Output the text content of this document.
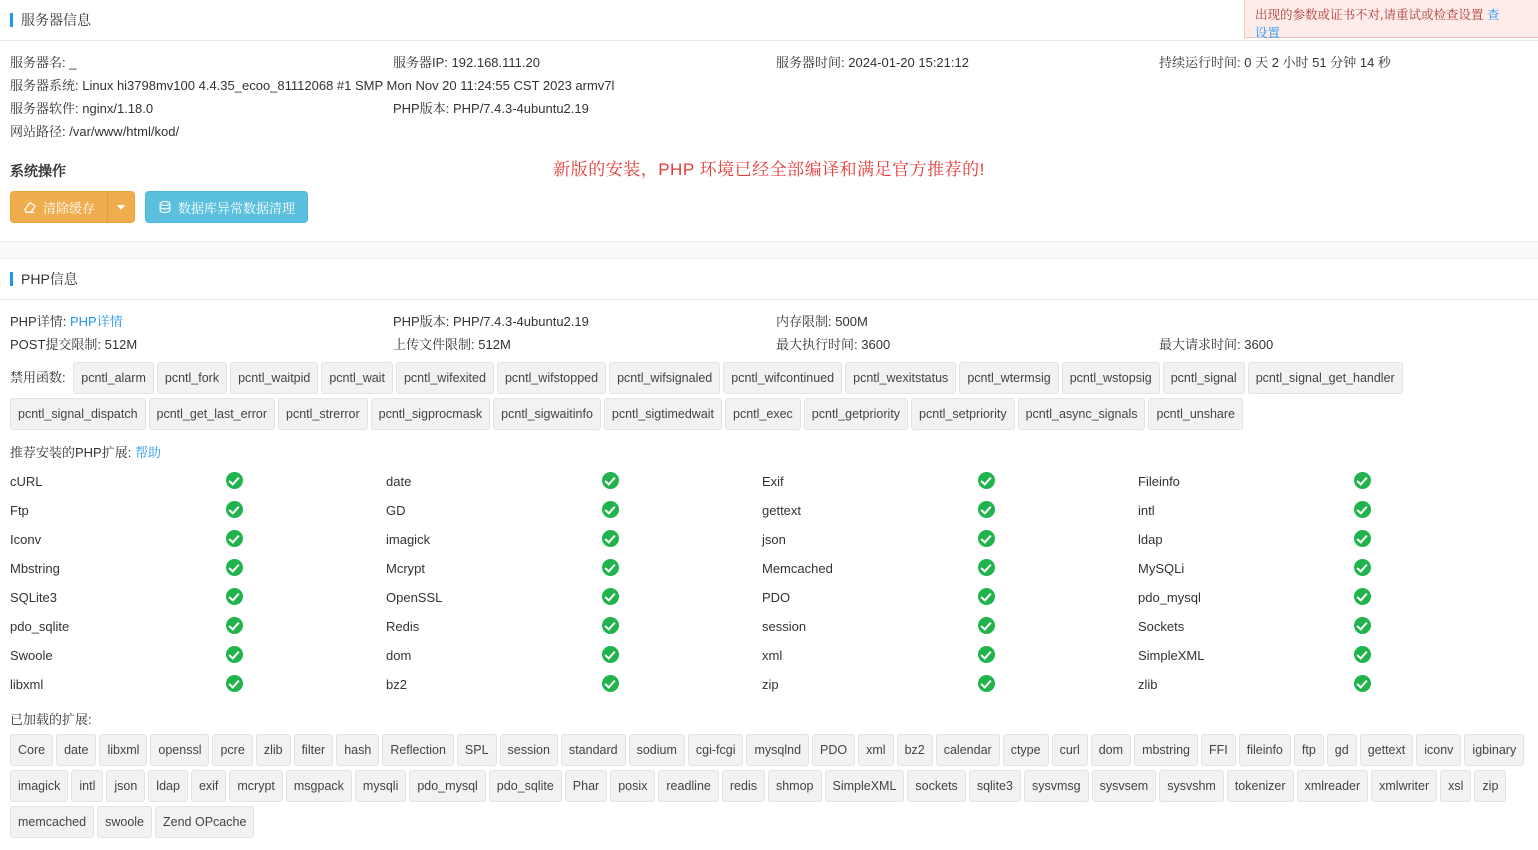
服务器信息
服务器名: _	服务器IP: 192.168.111.20	服务器时间: 2024-01-20 15:21:12	持续运行时间: 0 天 2 小时 51 分钟 14 秒
服务器系统: Linux hi3798mv100 4.4.35_ecoo_81112068 #1 SMP Mon Nov 20 11:24:55 CST 2023 armv7l
服务器软件: nginx/1.18.0	PHP版本: PHP/7.4.3-4ubuntu2.19
网站路径: /var/www/html/kod/
新版的安装，PHP 环境已经全部编译和满足官方推荐的!
系统操作
清除缓存	数据库异常数据清理
PHP信息
PHP详情: PHP详情	PHP版本: PHP/7.4.3-4ubuntu2.19	内存限制: 500M
POST提交限制: 512M	上传文件限制: 512M	最大执行时间: 3600	最大请求时间: 3600
禁用函数: pcntl_alarm pcntl_fork pcntl_waitpid pcntl_wait pcntl_wifexited pcntl_wifstopped pcntl_wifsignaled pcntl_wifcontinued pcntl_wexitstatus pcntl_wtermsig pcntl_wstopsig pcntl_signal pcntl_signal_get_handlerpcntl_signal_dispatch pcntl_get_last_error pcntl_strerror pcntl_sigprocmask pcntl_sigwaitinfo pcntl_sigtimedwait pcntl_exec pcntl_getpriority pcntl_setpriority pcntl_async_signals pcntl_unshare
推荐安装的PHP扩展: 帮助
cURL	date	Exif	Fileinfo
Ftp	GD	gettext	intl
Iconv	imagick	json	ldap
Mbstring	Mcrypt	Memcached	MySQLi
SQLite3	OpenSSL	PDO	pdo_mysql
pdo_sqlite	Redis	session	Sockets
Swoole	dom	xml	SimpleXML
libxml	bz2	zip	zlib
已加载的扩展:
Core date libxml openssl pcre zlib filter hash Reflection SPL session standard sodium cgi-fcgi mysqlnd PDO xml bz2 calendar ctype curl dom mbstring FFI fileinfo ftp gd gettext iconv igbinaryimagick intl json ldap exif mcrypt msgpack mysqli pdo_mysql pdo_sqlite Phar posix readline redis shmop SimpleXML sockets sqlite3 sysvmsg sysvsem sysvshm tokenizer xmlreader xmlwriter xsl zipmemcached swoole Zend OPcache
出现的参数或证书不对,请重试或检查设置 查
设置
